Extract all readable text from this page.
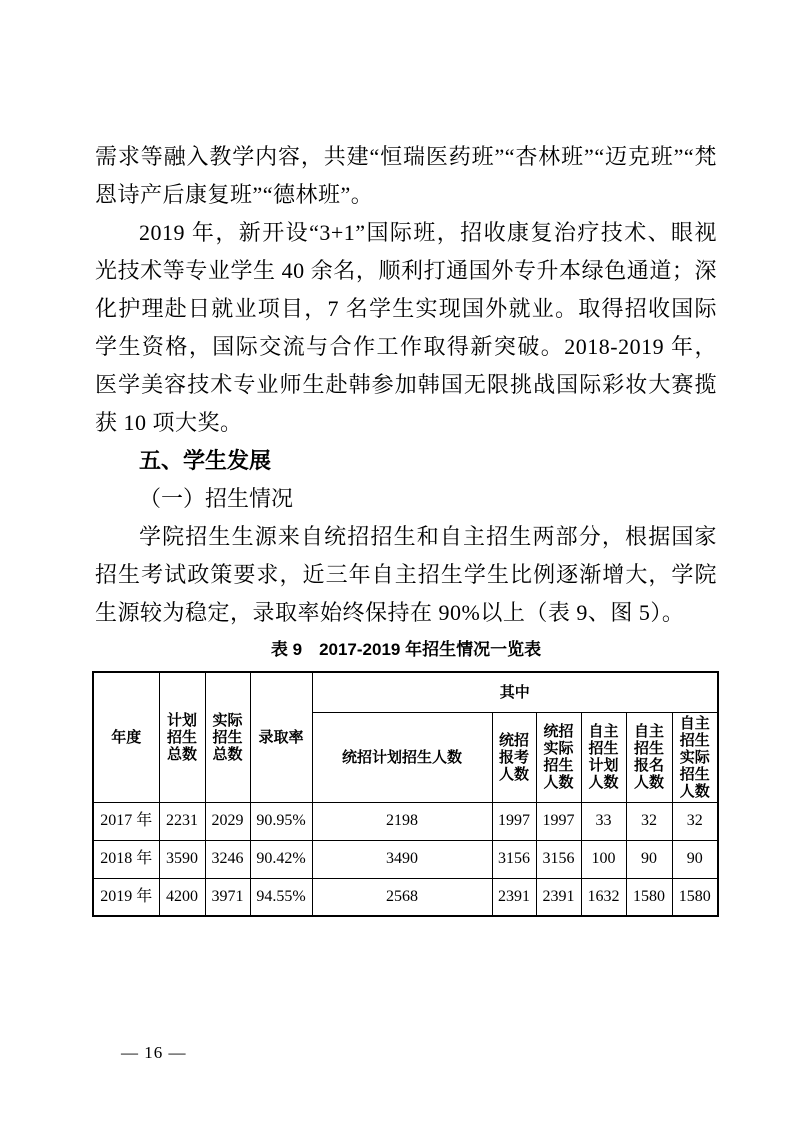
需求等融入教学内容，共建“恒瑞医药班”“杏林班”“迈克班”“梵恩诗产后康复班”“德林班”。

2019 年，新开设“3+1”国际班，招收康复治疗技术、眼视光技术等专业学生 40 余名，顺利打通国外专升本绿色通道；深化护理赴日就业项目，7 名学生实现国外就业。取得招收国际学生资格，国际交流与合作工作取得新突破。2018-2019 年，医学美容技术专业师生赴韩参加韩国无限挑战国际彩妆大赛揽获 10 项大奖。

五、学生发展
（一）招生情况

学院招生生源来自统招招生和自主招生两部分，根据国家招生考试政策要求，近三年自主招生学生比例逐渐增大，学院生源较为稳定，录取率始终保持在 90%以上（表 9、图 5）。

表 9　2017-2019 年招生情况一览表
年度	计划招生总数	实际招生总数	录取率	其中					
				统招计划招生人数	统招报考人数	统招实际招生人数	自主招生计划人数	自主招生报名人数	自主招生实际招生人数
2017 年	2231	2029	90.95%	2198	1997	1997	33	32	32
2018 年	3590	3246	90.42%	3490	3156	3156	100	90	90
2019 年	4200	3971	94.55%	2568	2391	2391	1632	1580	1580
— 16 —
